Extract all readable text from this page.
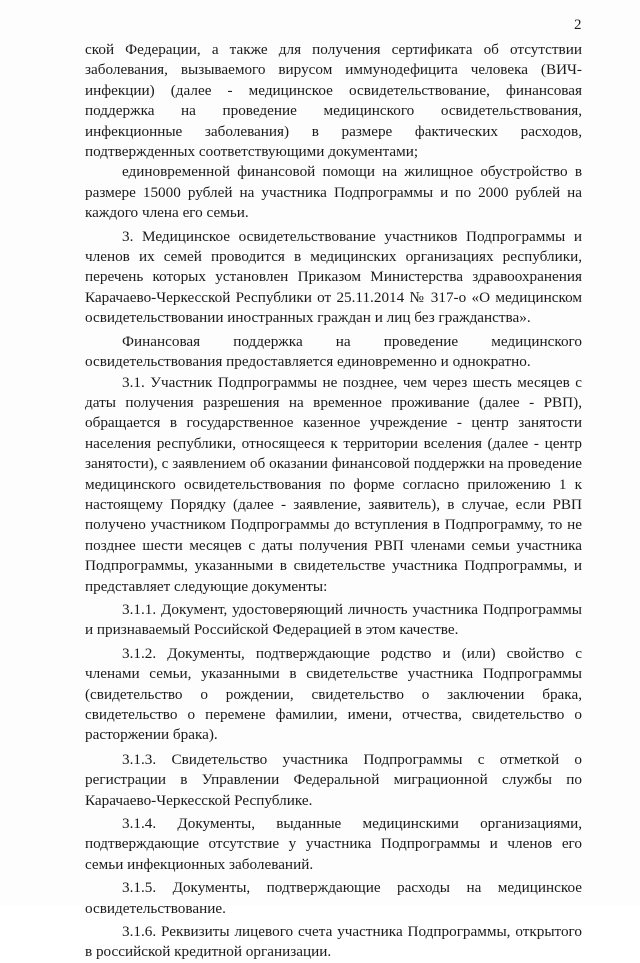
2

ской Федерации, а также для получения сертификата об отсутствии заболевания, вызываемого вирусом иммунодефицита человека (ВИЧ-инфекции) (далее - медицинское освидетельствование, финансовая поддержка на проведение медицинского освидетельствования, инфекционные заболевания) в размере фактических расходов, подтвержденных соответствующими документами;

единовременной финансовой помощи на жилищное обустройство в размере 15000 рублей на участника Подпрограммы и по 2000 рублей на каждого члена его семьи.

3. Медицинское освидетельствование участников Подпрограммы и членов их семей проводится в медицинских организациях республики, перечень которых установлен Приказом Министерства здравоохранения Карачаево-Черкесской Республики от 25.11.2014 № 317-о «О медицинском освидетельствовании иностранных граждан и лиц без гражданства».

Финансовая поддержка на проведение медицинского освидетельствования предоставляется единовременно и однократно.

3.1. Участник Подпрограммы не позднее, чем через шесть месяцев с даты получения разрешения на временное проживание (далее - РВП), обращается в государственное казенное учреждение - центр занятости населения республики, относящееся к территории вселения (далее - центр занятости), с заявлением об оказании финансовой поддержки на проведение медицинского освидетельствования по форме согласно приложению 1 к настоящему Порядку (далее - заявление, заявитель), в случае, если РВП получено участником Подпрограммы до вступления в Подпрограмму, то не позднее шести месяцев с даты получения РВП членами семьи участника Подпрограммы, указанными в свидетельстве участника Подпрограммы, и представляет следующие документы:

3.1.1. Документ, удостоверяющий личность участника Подпрограммы и признаваемый Российской Федерацией в этом качестве.

3.1.2. Документы, подтверждающие родство и (или) свойство с членами семьи, указанными в свидетельстве участника Подпрограммы (свидетельство о рождении, свидетельство о заключении брака, свидетельство о перемене фамилии, имени, отчества, свидетельство о расторжении брака).

3.1.3. Свидетельство участника Подпрограммы с отметкой о регистрации в Управлении Федеральной миграционной службы по Карачаево-Черкесской Республике.

3.1.4. Документы, выданные медицинскими организациями, подтверждающие отсутствие у участника Подпрограммы и членов его семьи инфекционных заболеваний.

3.1.5. Документы, подтверждающие расходы на медицинское освидетельствование.

3.1.6. Реквизиты лицевого счета участника Подпрограммы, открытого в российской кредитной организации.
